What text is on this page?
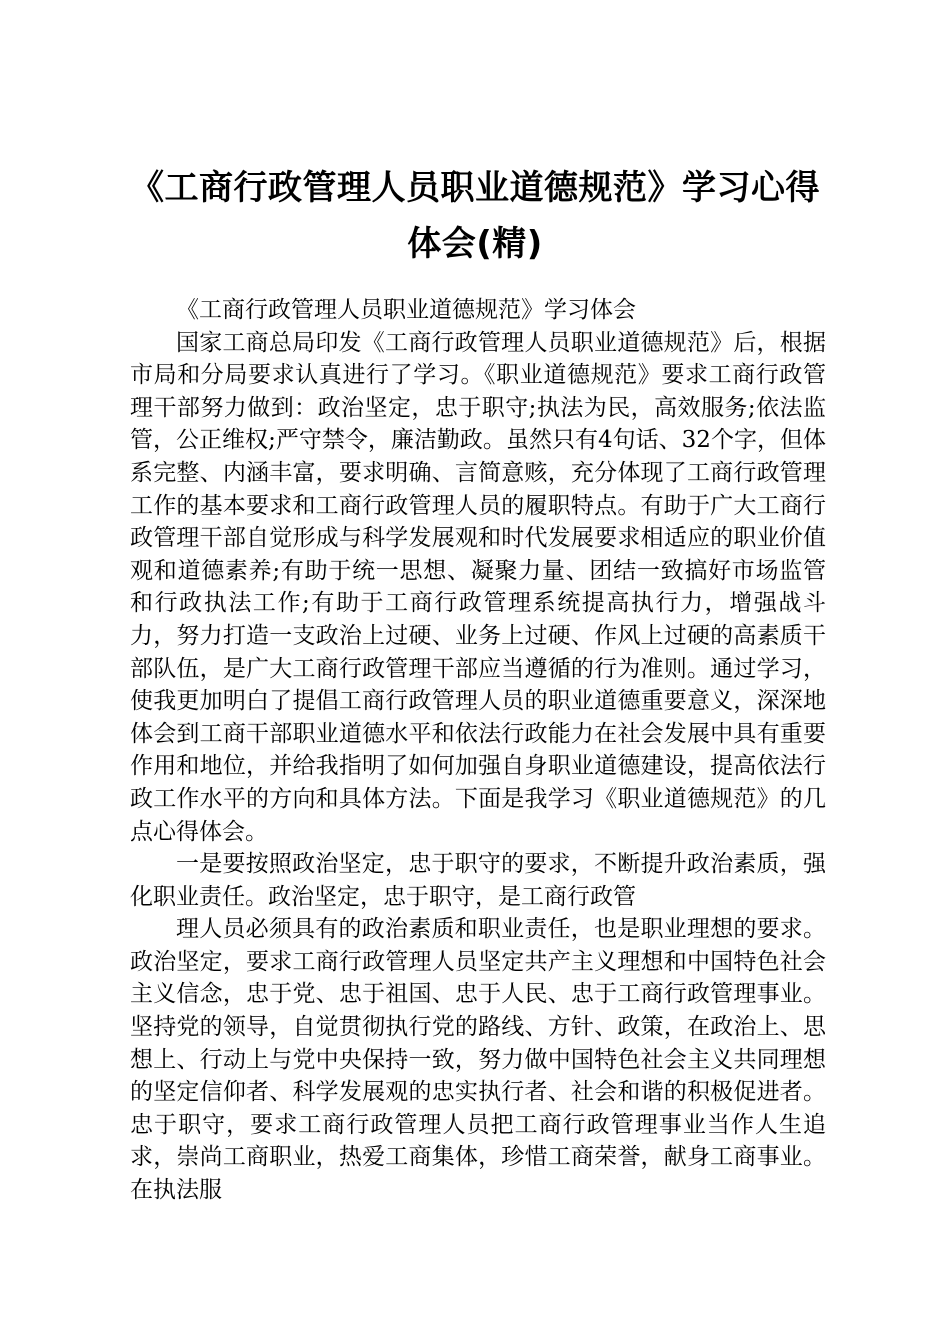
《工商行政管理人员职业道德规范》学习心得
体会(精)

《工商行政管理人员职业道德规范》学习体会

国家工商总局印发《工商行政管理人员职业道德规范》后，根据市局和分局要求认真进行了学习。《职业道德规范》要求工商行政管理干部努力做到：政治坚定，忠于职守;执法为民，高效服务;依法监管，公正维权;严守禁令，廉洁勤政。虽然只有4句话、32个字，但体系完整、内涵丰富，要求明确、言简意赅，充分体现了工商行政管理工作的基本要求和工商行政管理人员的履职特点。有助于广大工商行政管理干部自觉形成与科学发展观和时代发展要求相适应的职业价值观和道德素养;有助于统一思想、凝聚力量、团结一致搞好市场监管和行政执法工作;有助于工商行政管理系统提高执行力，增强战斗力，努力打造一支政治上过硬、业务上过硬、作风上过硬的高素质干部队伍，是广大工商行政管理干部应当遵循的行为准则。通过学习，使我更加明白了提倡工商行政管理人员的职业道德重要意义，深深地体会到工商干部职业道德水平和依法行政能力在社会发展中具有重要作用和地位，并给我指明了如何加强自身职业道德建设，提高依法行政工作水平的方向和具体方法。下面是我学习《职业道德规范》的几点心得体会。

一是要按照政治坚定，忠于职守的要求，不断提升政治素质，强化职业责任。政治坚定，忠于职守，是工商行政管

理人员必须具有的政治素质和职业责任，也是职业理想的要求。政治坚定，要求工商行政管理人员坚定共产主义理想和中国特色社会主义信念，忠于党、忠于祖国、忠于人民、忠于工商行政管理事业。坚持党的领导，自觉贯彻执行党的路线、方针、政策，在政治上、思想上、行动上与党中央保持一致，努力做中国特色社会主义共同理想的坚定信仰者、科学发展观的忠实执行者、社会和谐的积极促进者。忠于职守，要求工商行政管理人员把工商行政管理事业当作人生追求，崇尚工商职业，热爱工商集体，珍惜工商荣誉，献身工商事业。在执法服
